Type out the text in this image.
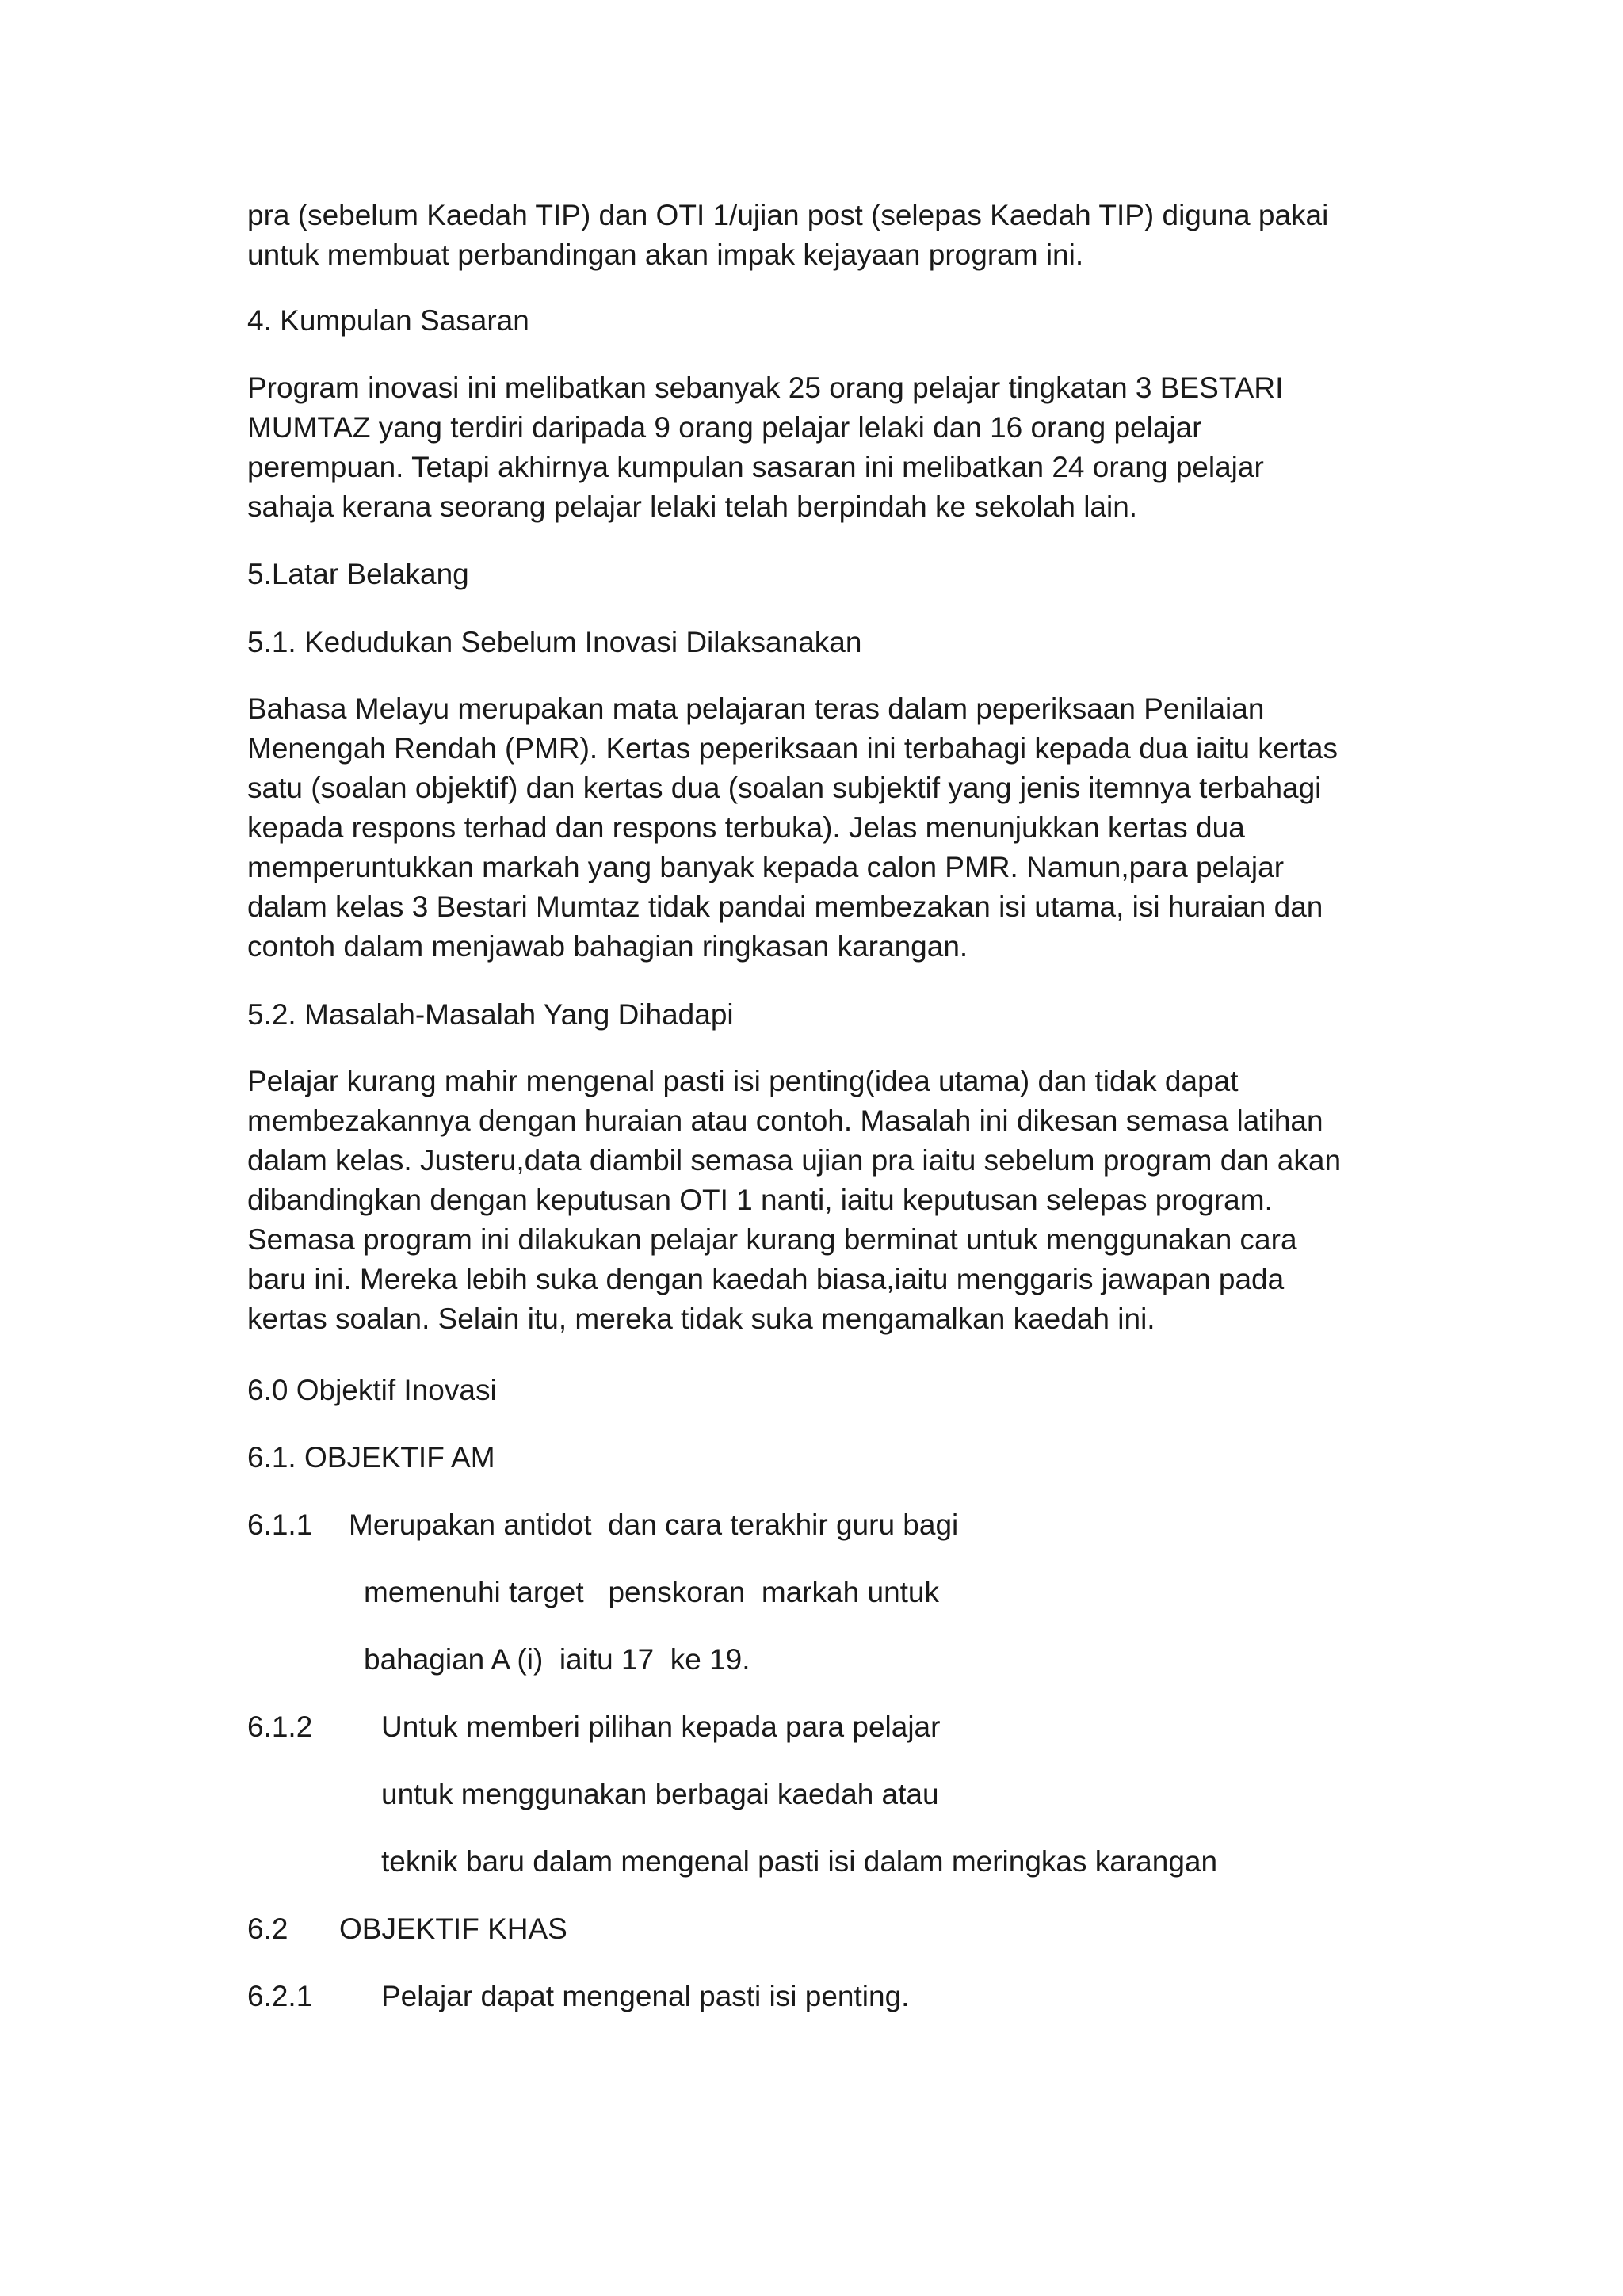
pra (sebelum Kaedah TIP) dan OTI 1/ujian post (selepas Kaedah TIP) diguna pakai
untuk membuat perbandingan akan impak kejayaan program ini.
4. Kumpulan Sasaran
Program inovasi ini melibatkan sebanyak 25 orang pelajar tingkatan 3 BESTARI
MUMTAZ yang terdiri daripada 9 orang pelajar lelaki dan 16 orang pelajar
perempuan. Tetapi akhirnya kumpulan sasaran ini melibatkan 24 orang pelajar
sahaja kerana seorang pelajar lelaki telah berpindah ke sekolah lain.
5.Latar Belakang
5.1. Kedudukan Sebelum Inovasi Dilaksanakan
Bahasa Melayu merupakan mata pelajaran teras dalam peperiksaan Penilaian
Menengah Rendah (PMR). Kertas peperiksaan ini terbahagi kepada dua iaitu kertas
satu (soalan objektif) dan kertas dua (soalan subjektif yang jenis itemnya terbahagi
kepada respons terhad dan respons terbuka). Jelas menunjukkan kertas dua
memperuntukkan markah yang banyak kepada calon PMR. Namun,para pelajar
dalam kelas 3 Bestari Mumtaz tidak pandai membezakan isi utama, isi huraian dan
contoh dalam menjawab bahagian ringkasan karangan.
5.2. Masalah-Masalah Yang Dihadapi
Pelajar kurang mahir mengenal pasti isi penting(idea utama) dan tidak dapat
membezakannya dengan huraian atau contoh. Masalah ini dikesan semasa latihan
dalam kelas. Justeru,data diambil semasa ujian pra iaitu sebelum program dan akan
dibandingkan dengan keputusan OTI 1 nanti, iaitu keputusan selepas program.
Semasa program ini dilakukan pelajar kurang berminat untuk menggunakan cara
baru ini. Mereka lebih suka dengan kaedah biasa,iaitu menggaris jawapan pada
kertas soalan. Selain itu, mereka tidak suka mengamalkan kaedah ini.
6.0 Objektif Inovasi
6.1. OBJEKTIF AM
6.1.1 Merupakan antidot  dan cara terakhir guru bagi
memenuhi target   penskoran  markah untuk
bahagian A (i)  iaitu 17  ke 19.
6.1.2 Untuk memberi pilihan kepada para pelajar
untuk menggunakan berbagai kaedah atau
teknik baru dalam mengenal pasti isi dalam meringkas karangan
6.2 OBJEKTIF KHAS
6.2.1 Pelajar dapat mengenal pasti isi penting.
